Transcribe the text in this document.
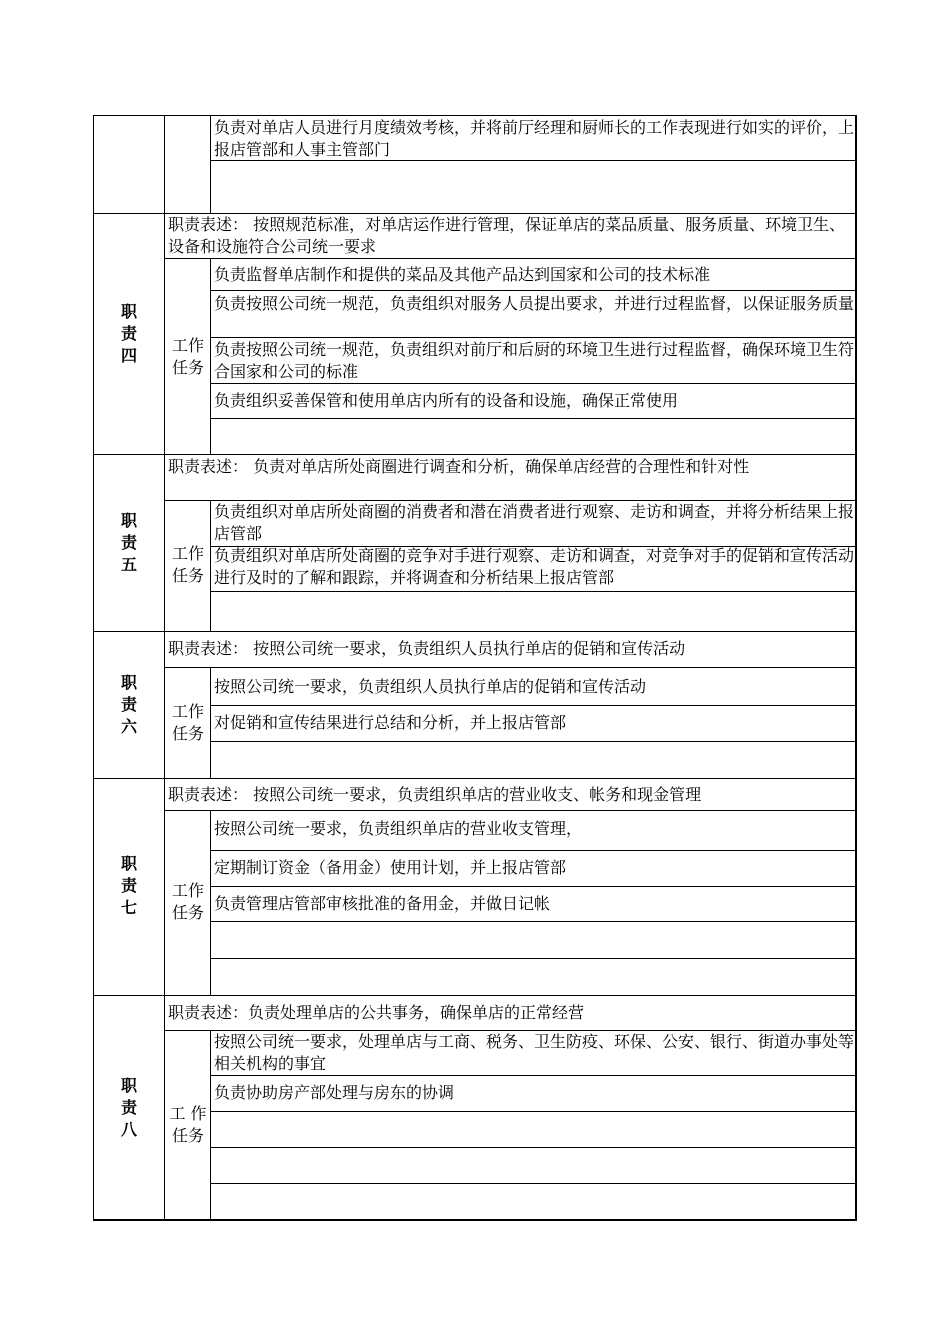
负责对单店人员进行月度绩效考核，并将前厅经理和厨师长的工作表现进行如实的评价，上报店管部和人事主管部门
职
责
四
职责表述： 按照规范标准，对单店运作进行管理，保证单店的菜品质量、服务质量、环境卫生、设备和设施符合公司统一要求
工作
任务
负责监督单店制作和提供的菜品及其他产品达到国家和公司的技术标准
负责按照公司统一规范，负责组织对服务人员提出要求，并进行过程监督，以保证服务质量
负责按照公司统一规范，负责组织对前厅和后厨的环境卫生进行过程监督，确保环境卫生符合国家和公司的标准
负责组织妥善保管和使用单店内所有的设备和设施，确保正常使用
职
责
五
职责表述： 负责对单店所处商圈进行调查和分析，确保单店经营的合理性和针对性
工作
任务
负责组织对单店所处商圈的消费者和潜在消费者进行观察、走访和调查，并将分析结果上报店管部
负责组织对单店所处商圈的竞争对手进行观察、走访和调查，对竞争对手的促销和宣传活动进行及时的了解和跟踪，并将调查和分析结果上报店管部
职
责
六
职责表述： 按照公司统一要求，负责组织人员执行单店的促销和宣传活动
工作
任务
按照公司统一要求，负责组织人员执行单店的促销和宣传活动
对促销和宣传结果进行总结和分析，并上报店管部
职
责
七
职责表述： 按照公司统一要求，负责组织单店的营业收支、帐务和现金管理
工作
任务
按照公司统一要求，负责组织单店的营业收支管理，
定期制订资金（备用金）使用计划，并上报店管部
负责管理店管部审核批准的备用金，并做日记帐
职
责
八
职责表述：负责处理单店的公共事务，确保单店的正常经营
工 作
任务
按照公司统一要求，处理单店与工商、税务、卫生防疫、环保、公安、银行、街道办事处等相关机构的事宜
负责协助房产部处理与房东的协调
